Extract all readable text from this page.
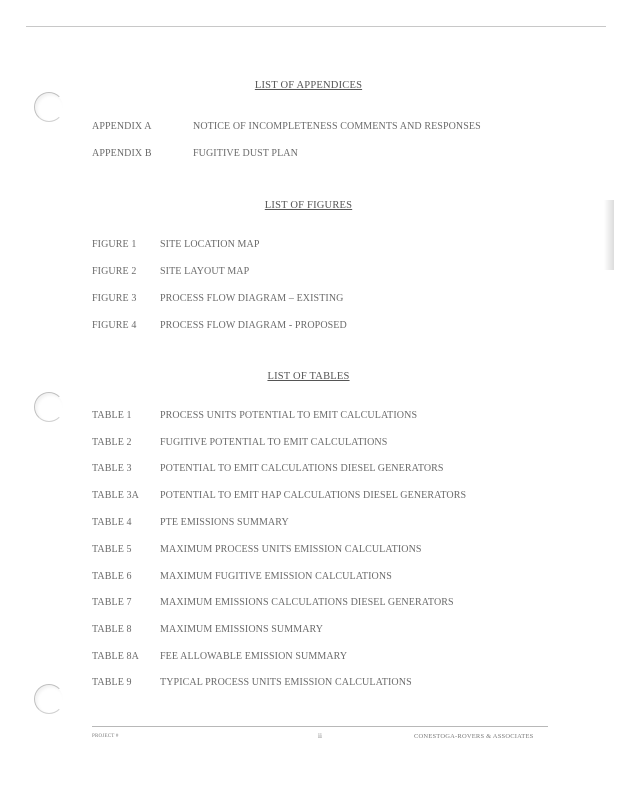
LIST OF APPENDICES
APPENDIX A	NOTICE OF INCOMPLETENESS COMMENTS AND RESPONSES
APPENDIX B	FUGITIVE DUST PLAN
LIST OF FIGURES
FIGURE 1 SITE LOCATION MAP
FIGURE 2 SITE LAYOUT MAP
FIGURE 3 PROCESS FLOW DIAGRAM – EXISTING
FIGURE 4 PROCESS FLOW DIAGRAM - PROPOSED
LIST OF TABLES
TABLE 1	PROCESS UNITS POTENTIAL TO EMIT CALCULATIONS
TABLE 2	FUGITIVE POTENTIAL TO EMIT CALCULATIONS
TABLE 3	POTENTIAL TO EMIT CALCULATIONS DIESEL GENERATORS
TABLE 3A POTENTIAL TO EMIT HAP CALCULATIONS DIESEL GENERATORS
TABLE 4	PTE EMISSIONS SUMMARY
TABLE 5	MAXIMUM PROCESS UNITS EMISSION CALCULATIONS
TABLE 6	MAXIMUM FUGITIVE EMISSION CALCULATIONS
TABLE 7	MAXIMUM EMISSIONS CALCULATIONS DIESEL GENERATORS
TABLE 8	MAXIMUM EMISSIONS SUMMARY
TABLE 8A FEE ALLOWABLE EMISSION SUMMARY
TABLE 9	TYPICAL PROCESS UNITS EMISSION CALCULATIONS
PROJECT #	ii	CONESTOGA-ROVERS & ASSOCIATES
